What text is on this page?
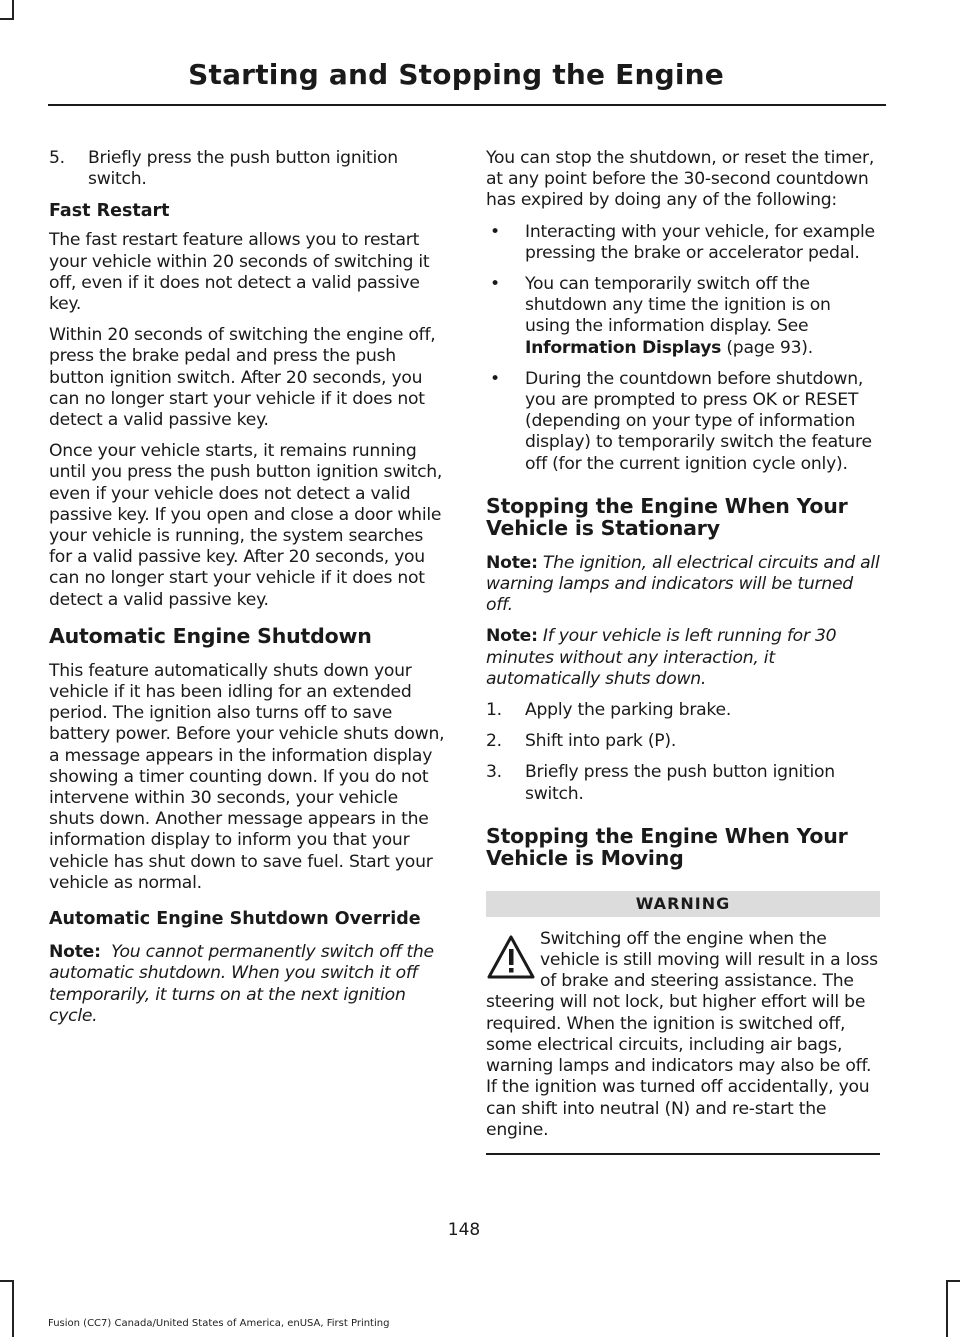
Starting and Stopping the Engine
5. Briefly press the push button ignition switch.
Fast Restart

The fast restart feature allows you to restart your vehicle within 20 seconds of switching it off, even if it does not detect a valid passive key.

Within 20 seconds of switching the engine off, press the brake pedal and press the push button ignition switch. After 20 seconds, you can no longer start your vehicle if it does not detect a valid passive key.

Once your vehicle starts, it remains running until you press the push button ignition switch, even if your vehicle does not detect a valid passive key. If you open and close a door while your vehicle is running, the system searches for a valid passive key. After 20 seconds, you can no longer start your vehicle if it does not detect a valid passive key.

Automatic Engine Shutdown

This feature automatically shuts down your vehicle if it has been idling for an extended period. The ignition also turns off to save battery power. Before your vehicle shuts down, a message appears in the information display showing a timer counting down. If you do not intervene within 30 seconds, your vehicle shuts down. Another message appears in the information display to inform you that your vehicle has shut down to save fuel. Start your vehicle as normal.

Automatic Engine Shutdown Override

Note: You cannot permanently switch off the automatic shutdown. When you switch it off temporarily, it turns on at the next ignition cycle.

You can stop the shutdown, or reset the timer, at any point before the 30-second countdown has expired by doing any of the following:

• Interacting with your vehicle, for example pressing the brake or accelerator pedal.
• You can temporarily switch off the shutdown any time the ignition is on using the information display. See Information Displays (page 93).
• During the countdown before shutdown, you are prompted to press OK or RESET (depending on your type of information display) to temporarily switch the feature off (for the current ignition cycle only).
Stopping the Engine When Your Vehicle is Stationary

Note: The ignition, all electrical circuits and all warning lamps and indicators will be turned off.

Note: If your vehicle is left running for 30 minutes without any interaction, it automatically shuts down.

1. Apply the parking brake.
2. Shift into park (P).
3. Briefly press the push button ignition switch.
Stopping the Engine When Your Vehicle is Moving
WARNING
Switching off the engine when the vehicle is still moving will result in a loss of brake and steering assistance. The steering will not lock, but higher effort will be required. When the ignition is switched off, some electrical circuits, including air bags, warning lamps and indicators may also be off. If the ignition was turned off accidentally, you can shift into neutral (N) and re-start the engine.
148
Fusion (CC7) Canada/United States of America, enUSA, First Printing
